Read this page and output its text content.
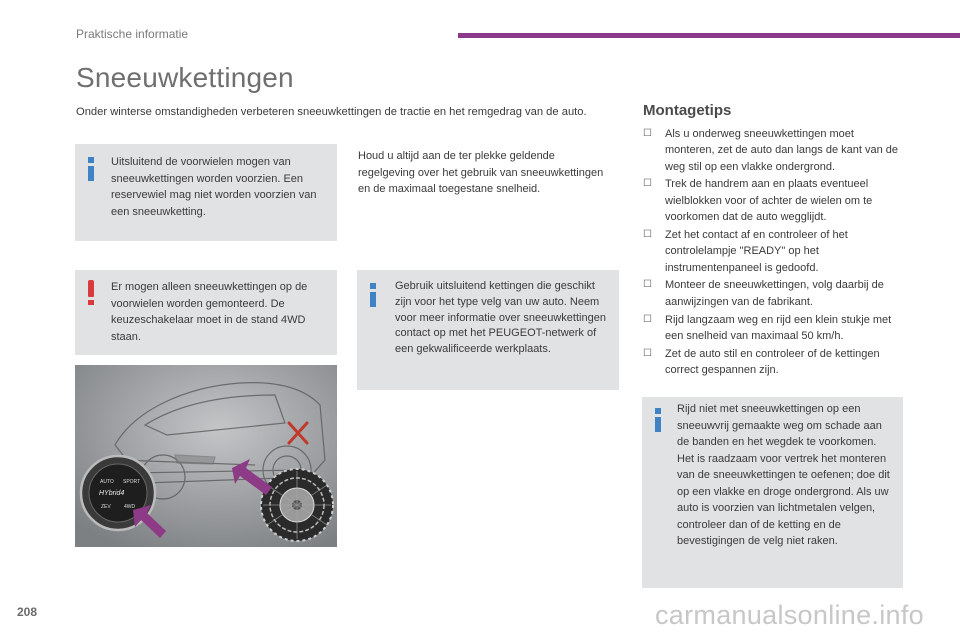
Praktische informatie
Sneeuwkettingen
Onder winterse omstandigheden verbeteren sneeuwkettingen de tractie en het remgedrag van de auto.
Uitsluitend de voorwielen mogen van sneeuwkettingen worden voorzien. Een reservewiel mag niet worden voorzien van een sneeuwketting.
Houd u altijd aan de ter plekke geldende regelgeving over het gebruik van sneeuwkettingen en de maximaal toegestane snelheid.
Er mogen alleen sneeuwkettingen op de voorwielen worden gemonteerd. De keuzeschakelaar moet in de stand 4WD staan.
Gebruik uitsluitend kettingen die geschikt zijn voor het type velg van uw auto. Neem voor meer informatie over sneeuwkettingen contact op met het PEUGEOT-netwerk of een gekwalificeerde werkplaats.
AUTO SPORT
HYbrid4
ZEV	4WD
Montagetips
☐ Als u onderweg sneeuwkettingen moet monteren, zet de auto dan langs de kant van de weg stil op een vlakke ondergrond.
☐ Trek de handrem aan en plaats eventueel wielblokken voor of achter de wielen om te voorkomen dat de auto wegglijdt.
☐ Zet het contact af en controleer of het controlelampje "READY" op het instrumentenpaneel is gedoofd.
☐ Monteer de sneeuwkettingen, volg daarbij de aanwijzingen van de fabrikant.
☐ Rijd langzaam weg en rijd een klein stukje met een snelheid van maximaal 50 km/h.
☐ Zet de auto stil en controleer of de kettingen correct gespannen zijn.
Rijd niet met sneeuwkettingen op een sneeuwvrij gemaakte weg om schade aan de banden en het wegdek te voorkomen. Het is raadzaam voor vertrek het monteren van de sneeuwkettingen te oefenen; doe dit op een vlakke en droge ondergrond. Als uw auto is voorzien van lichtmetalen velgen, controleer dan of de ketting en de bevestigingen de velg niet raken.
208	carmanualsonline.info
